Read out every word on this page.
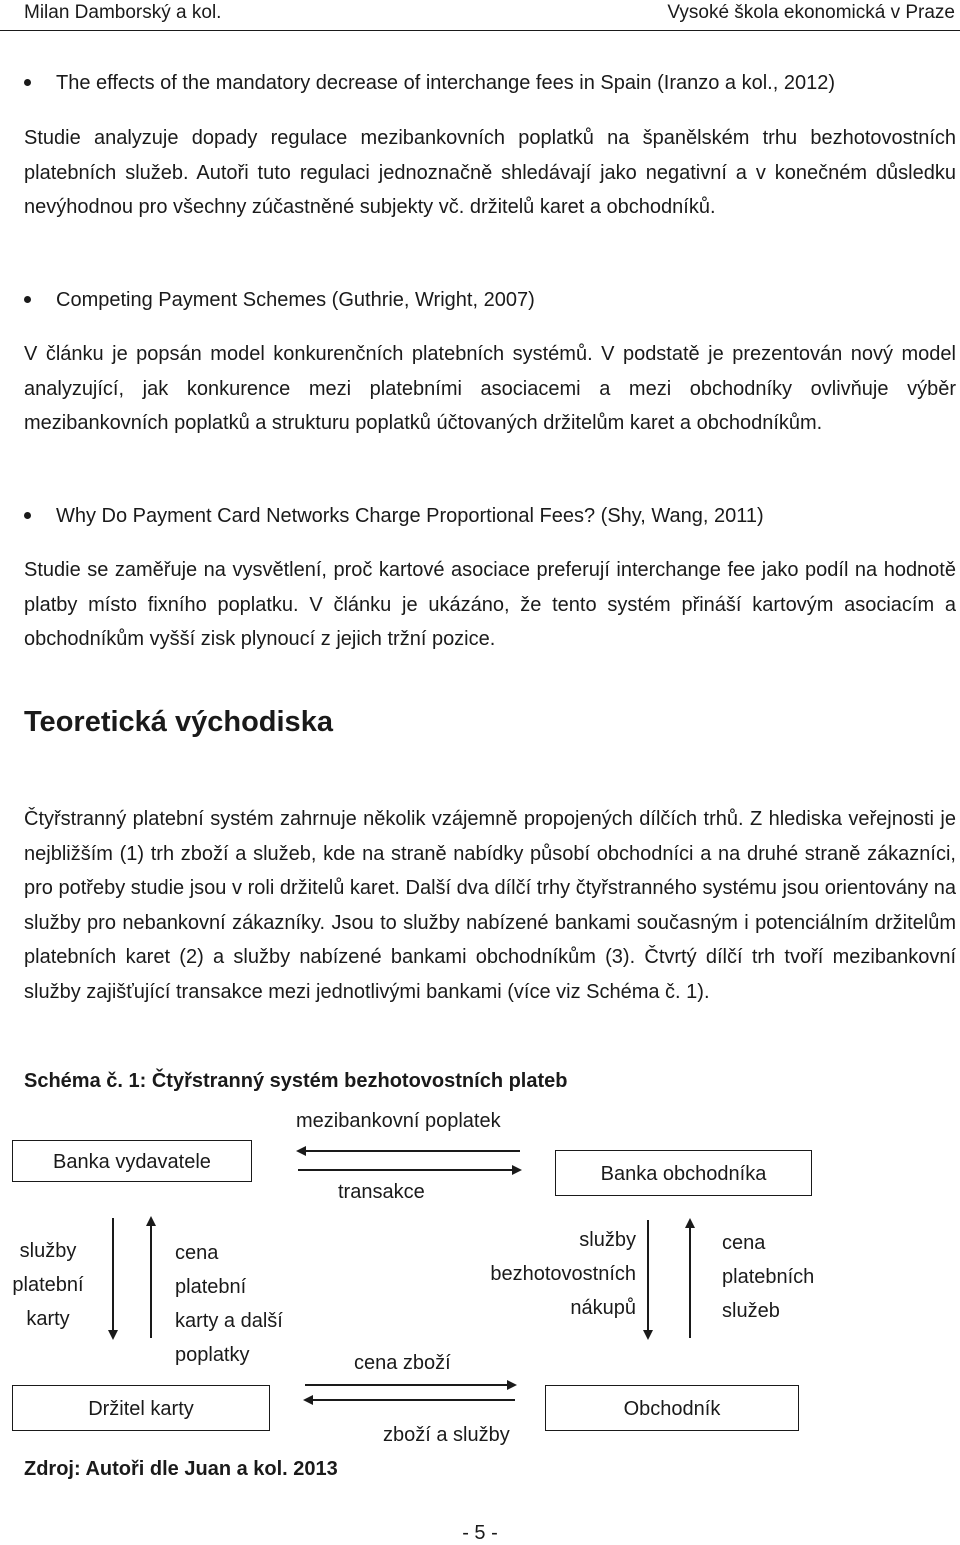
Milan Damborský a kol.	Vysoké škola ekonomická v Praze
The effects of the mandatory decrease of interchange fees in Spain (Iranzo a kol., 2012)

Studie analyzuje dopady regulace mezibankovních poplatků na španělském trhu bezhotovostních platebních služeb. Autoři tuto regulaci jednoznačně shledávají jako negativní a v konečném důsledku nevýhodnou pro všechny zúčastněné subjekty vč. držitelů karet a obchodníků.

Competing Payment Schemes (Guthrie, Wright, 2007)

V článku je popsán model konkurenčních platebních systémů. V podstatě je prezentován nový model analyzující, jak konkurence mezi platebními asociacemi a mezi obchodníky ovlivňuje výběr mezibankovních poplatků a strukturu poplatků účtovaných držitelům karet a obchodníkům.

Why Do Payment Card Networks Charge Proportional Fees? (Shy, Wang, 2011)

Studie se zaměřuje na vysvětlení, proč kartové asociace preferují interchange fee jako podíl na hodnotě platby místo fixního poplatku. V článku je ukázáno, že tento systém přináší kartovým asociacím a obchodníkům vyšší zisk plynoucí z jejich tržní pozice.

Teoretická východiska

Čtyřstranný platební systém zahrnuje několik vzájemně propojených dílčích trhů. Z hlediska veřejnosti je nejbližším (1) trh zboží a služeb, kde na straně nabídky působí obchodníci a na druhé straně zákazníci, pro potřeby studie jsou v roli držitelů karet. Další dva dílčí trhy čtyřstranného systému jsou orientovány na služby pro nebankovní zákazníky. Jsou to služby nabízené bankami současným i potenciálním držitelům platebních karet (2) a služby nabízené bankami obchodníkům (3). Čtvrtý dílčí trh tvoří mezibankovní služby zajišťující transakce mezi jednotlivými bankami (více viz Schéma č. 1).

Schéma č. 1: Čtyřstranný systém bezhotovostních plateb
Banka vydavatele
Banka obchodníka
Držitel karty	Obchodník
mezibankovní poplatek
transakce
služby
platební
karty
cena
platební
karty a další
poplatky
služby
bezhotovostních
nákupů
cena
platebních
služeb
cena zboží
zboží a služby
Zdroj: Autoři dle Juan a kol. 2013
- 5 -
